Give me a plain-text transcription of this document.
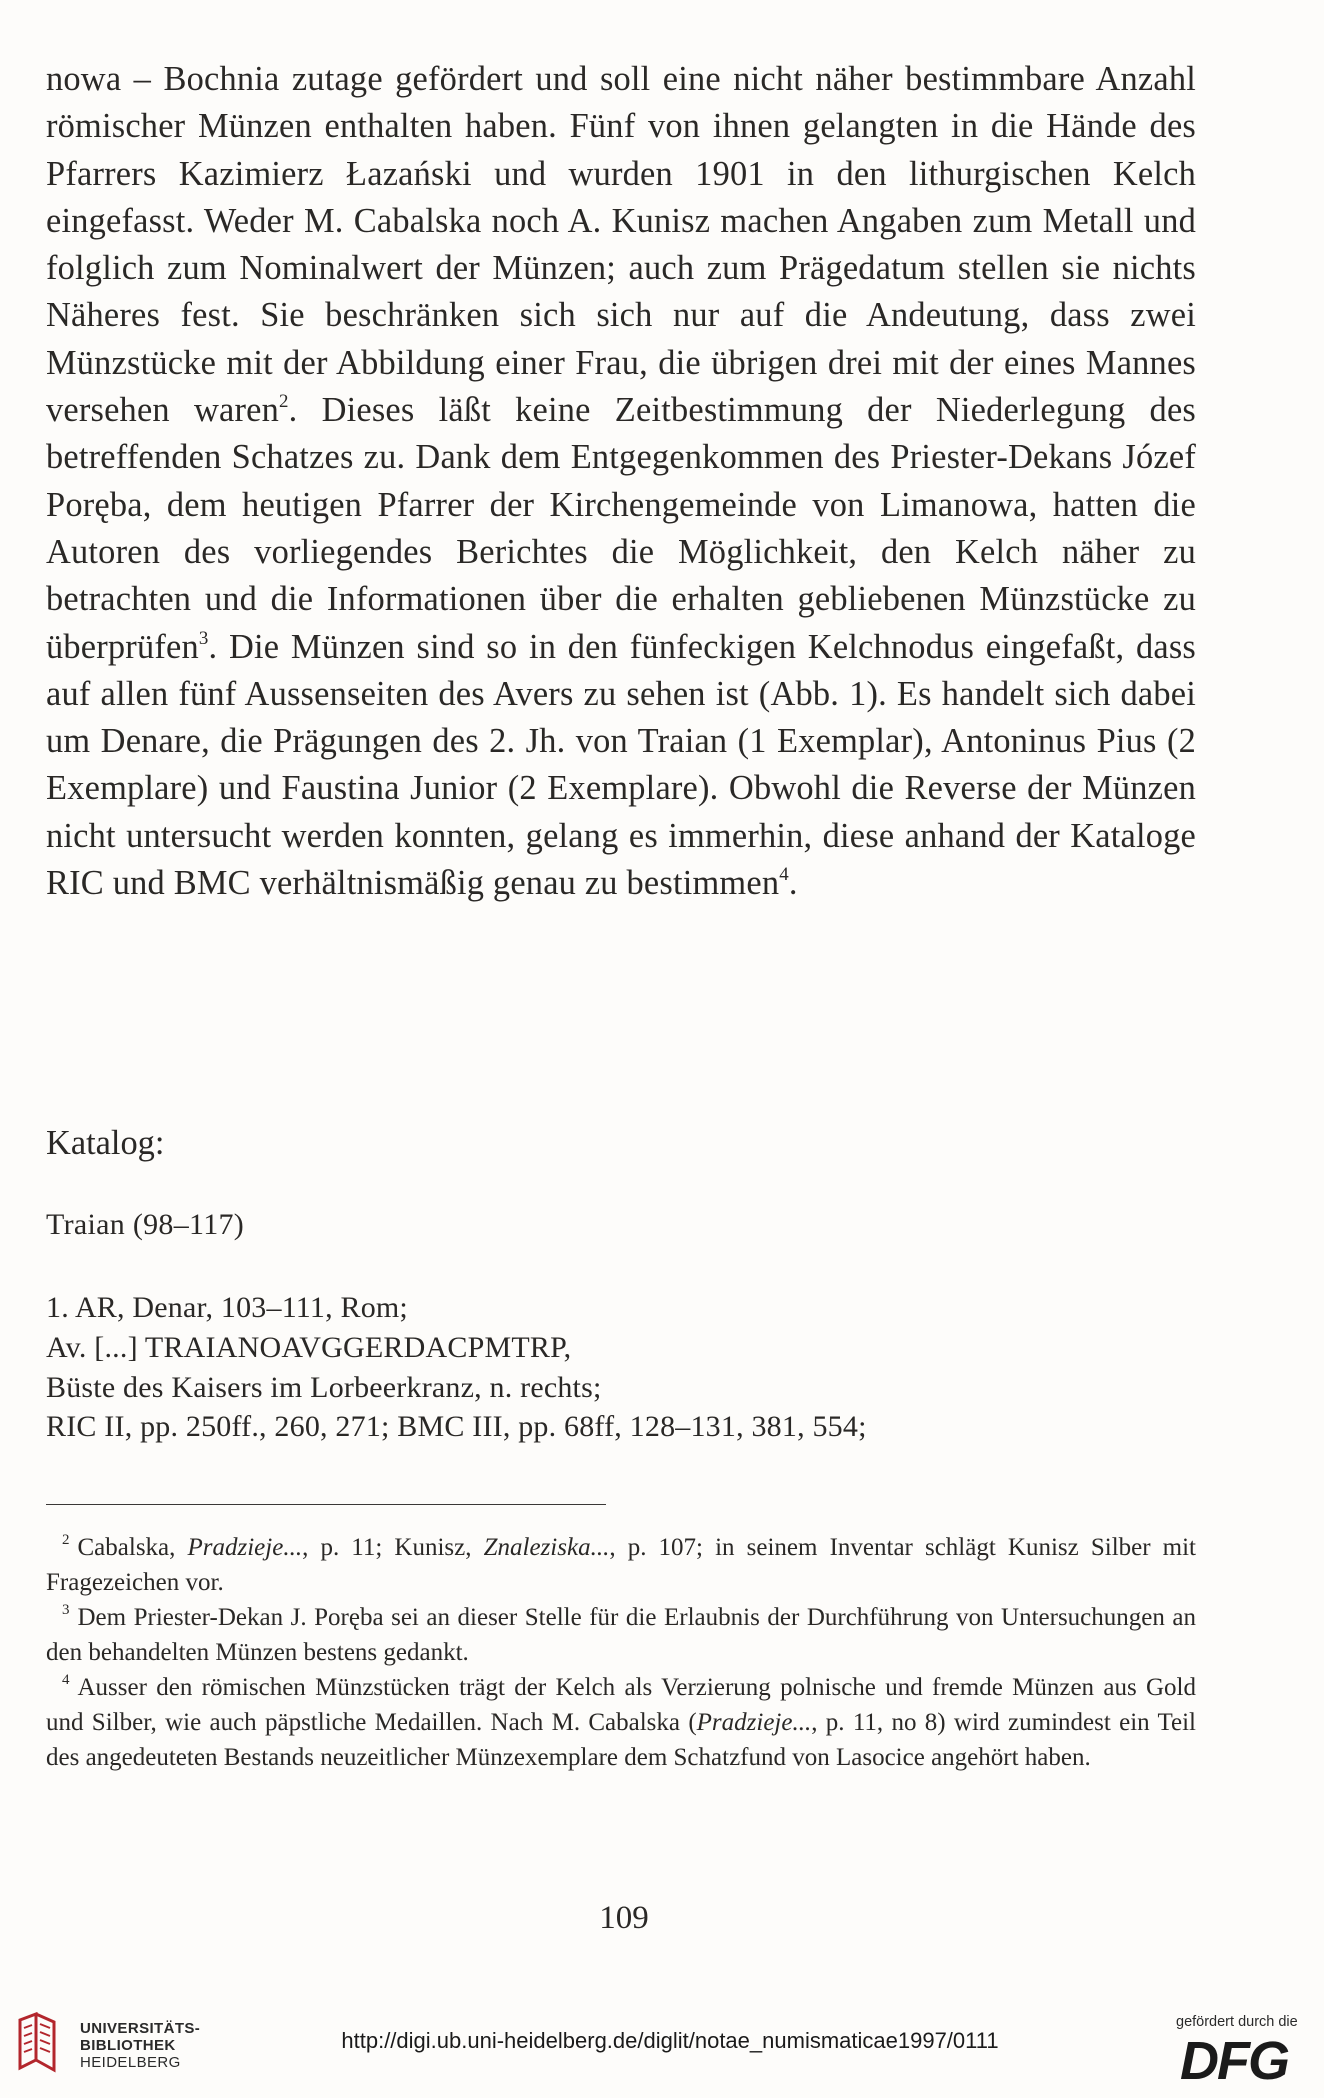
nowa – Bochnia zutage gefördert und soll eine nicht näher bestimmbare Anzahl römischer Münzen enthalten haben. Fünf von ihnen gelangten in die Hände des Pfarrers Kazimierz Łazański und wurden 1901 in den lithurgischen Kelch eingefasst. Weder M. Cabalska noch A. Kunisz machen Angaben zum Metall und folglich zum Nominalwert der Münzen; auch zum Prägedatum stellen sie nichts Näheres fest. Sie beschränken sich sich nur auf die Andeutung, dass zwei Münzstücke mit der Abbildung einer Frau, die übrigen drei mit der eines Mannes versehen waren$^2$. Dieses läßt keine Zeitbestimmung der Niederlegung des betreffenden Schatzes zu. Dank dem Entgegenkommen des Priester-Dekans Józef Poręba, dem heutigen Pfarrer der Kirchengemeinde von Limanowa, hatten die Autoren des vorliegendes Berichtes die Möglichkeit, den Kelch näher zu betrachten und die Informationen über die erhalten gebliebenen Münzstücke zu überprüfen$^3$. Die Münzen sind so in den fünfeckigen Kelchnodus eingefaßt, dass auf allen fünf Aussenseiten des Avers zu sehen ist (Abb. 1). Es handelt sich dabei um Denare, die Prägungen des 2. Jh. von Traian (1 Exemplar), Antoninus Pius (2 Exemplare) und Faustina Junior (2 Exemplare). Obwohl die Reverse der Münzen nicht untersucht werden konnten, gelang es immerhin, diese anhand der Kataloge RIC und BMC verhältnismäßig genau zu bestimmen$^4$.

Katalog:
Traian (98–117)
1. AR, Denar, 103–111, Rom;
Av. [...] TRAIANOAVGGERDACPMTRP,
Büste des Kaisers im Lorbeerkranz, n. rechts;
RIC II, pp. 250ff., 260, 271; BMC III, pp. 68ff, 128–131, 381, 554;

$^2$ Cabalska, Pradzieje..., p. 11; Kunisz, Znaleziska..., p. 107; in seinem Inventar schlägt Kunisz Silber mit Fragezeichen vor.

$^3$ Dem Priester-Dekan J. Poręba sei an dieser Stelle für die Erlaubnis der Durchführung von Untersuchungen an den behandelten Münzen bestens gedankt.

$^4$ Ausser den römischen Münzstücken trägt der Kelch als Verzierung polnische und fremde Münzen aus Gold und Silber, wie auch päpstliche Medaillen. Nach M. Cabalska (Pradzieje..., p. 11, no 8) wird zumindest ein Teil des angedeuteten Bestands neuzeitlicher Münzexemplare dem Schatzfund von Lasocice angehört haben.

109
UNIVERSITÄTS-
BIBLIOTHEK
HEIDELBERG
http://digi.ub.uni-heidelberg.de/diglit/notae_numismaticae1997/0111
gefördert durch die
DFG
